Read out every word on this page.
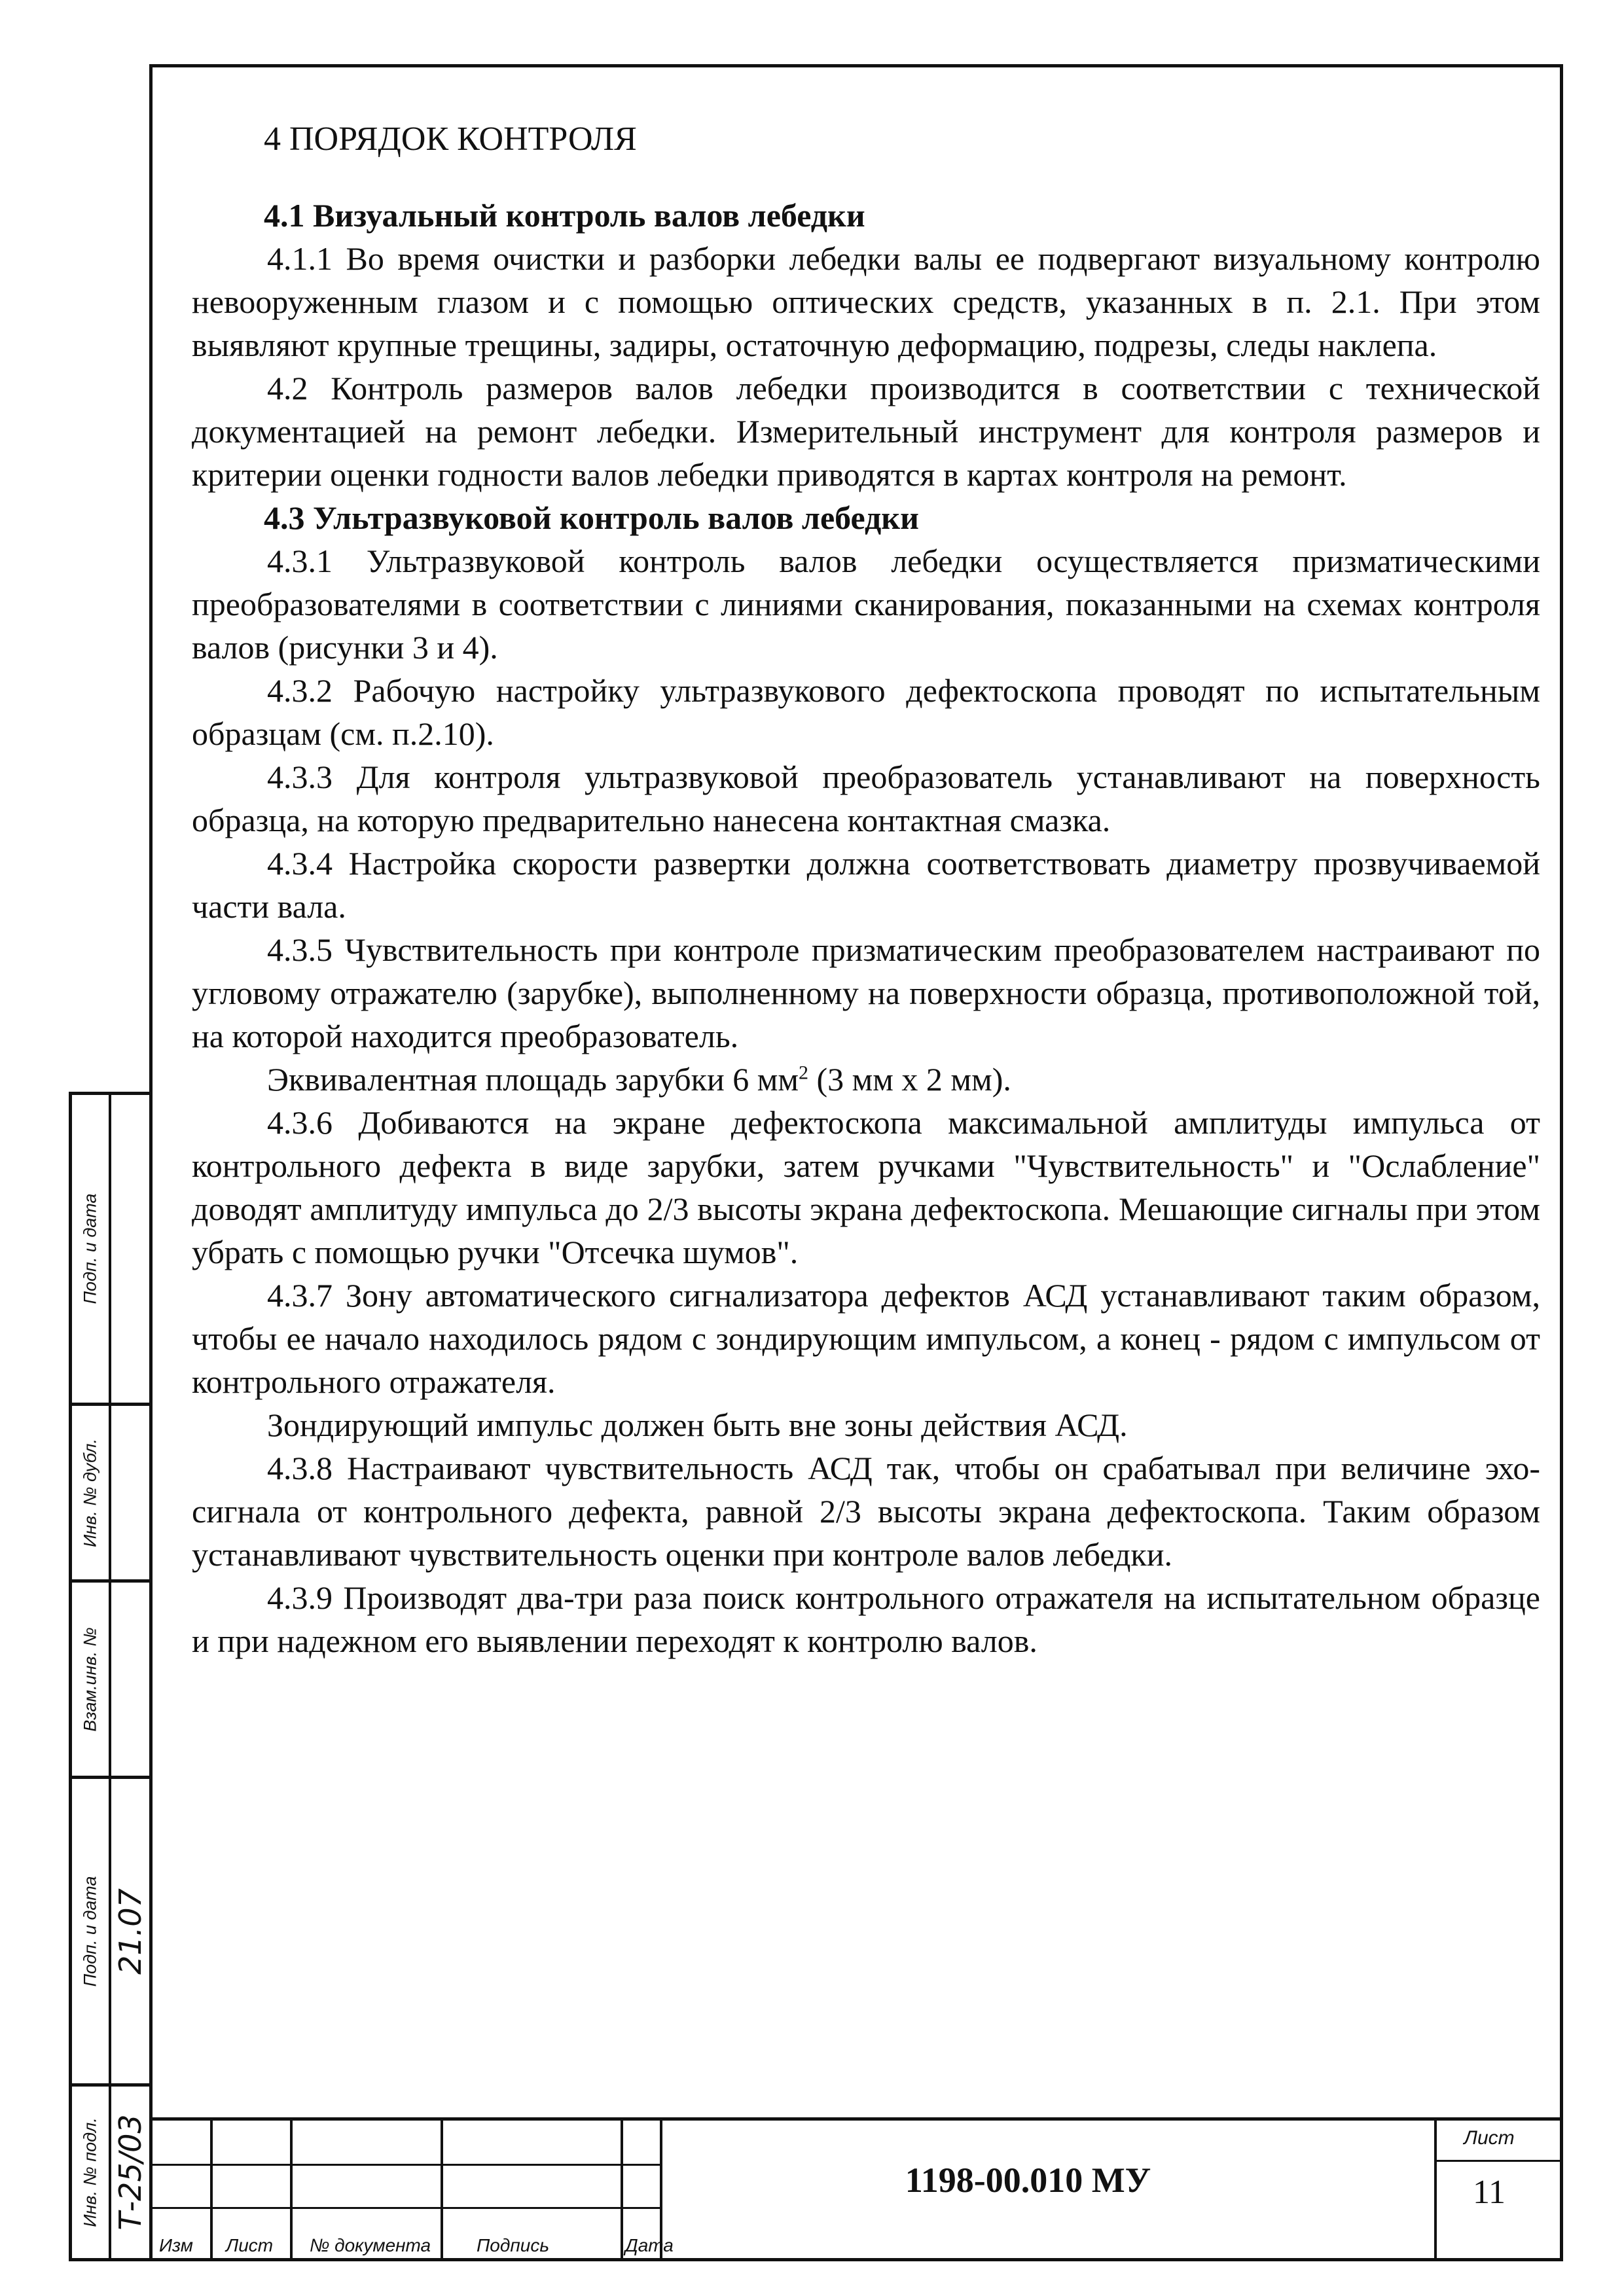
4 ПОРЯДОК КОНТРОЛЯ

4.1 Визуальный контроль валов лебедки

4.1.1 Во время очистки и разборки лебедки валы ее подвергают визуальному контролю невооруженным глазом и с помощью оптических средств, указанных в п. 2.1. При этом выявляют крупные трещины, задиры, остаточную деформацию, подрезы, следы наклепа.

4.2 Контроль размеров валов лебедки производится в соответствии с технической документацией на ремонт лебедки. Измерительный инструмент для контроля размеров и критерии оценки годности валов лебедки приводятся в картах контроля на ремонт.

4.3 Ультразвуковой контроль валов лебедки

4.3.1 Ультразвуковой контроль валов лебедки осуществляется призматическими преобразователями в соответствии с линиями сканирования, показанными на схемах контроля валов (рисунки 3 и 4).

4.3.2 Рабочую настройку ультразвукового дефектоскопа проводят по испытательным образцам (см. п.2.10).

4.3.3 Для контроля ультразвуковой преобразователь устанавливают на поверхность образца, на которую предварительно нанесена контактная смазка.

4.3.4 Настройка скорости развертки должна соответствовать диаметру прозвучиваемой части вала.

4.3.5 Чувствительность при контроле призматическим преобразователем настраивают по угловому отражателю (зарубке), выполненному на поверхности образца, противоположной той, на которой находится преобразователь.

Эквивалентная площадь зарубки 6 $мм^2$ (3 мм х 2 мм).

4.3.6 Добиваются на экране дефектоскопа максимальной амплитуды импульса от контрольного дефекта в виде зарубки, затем ручками "Чувствительность" и "Ослабление" доводят амплитуду импульса до 2/3 высоты экрана дефектоскопа. Мешающие сигналы при этом убрать с помощью ручки "Отсечка шумов".

4.3.7 Зону автоматического сигнализатора дефектов АСД устанавливают таким образом, чтобы ее начало находилось рядом с зондирующим импульсом, а конец - рядом с импульсом от контрольного отражателя.

Зондирующий импульс должен быть вне зоны действия АСД.

4.3.8 Настраивают чувствительность АСД так, чтобы он срабатывал при величине эхо-сигнала от контрольного дефекта, равной 2/3 высоты экрана дефектоскопа. Таким образом устанавливают чувствительность оценки при контроле валов лебедки.

4.3.9 Производят два-три раза поиск контрольного отражателя на испытательном образце и при надежном его выявлении переходят к контролю валов.

Подп. и дата
Инв. № дубл.
Взам.инв. №
Подп. и дата 21.07
Инв. № подл. Т-25/03
Изм Лист № документа Подпись	Дата
1198-00.010 МУ
Лист
11
